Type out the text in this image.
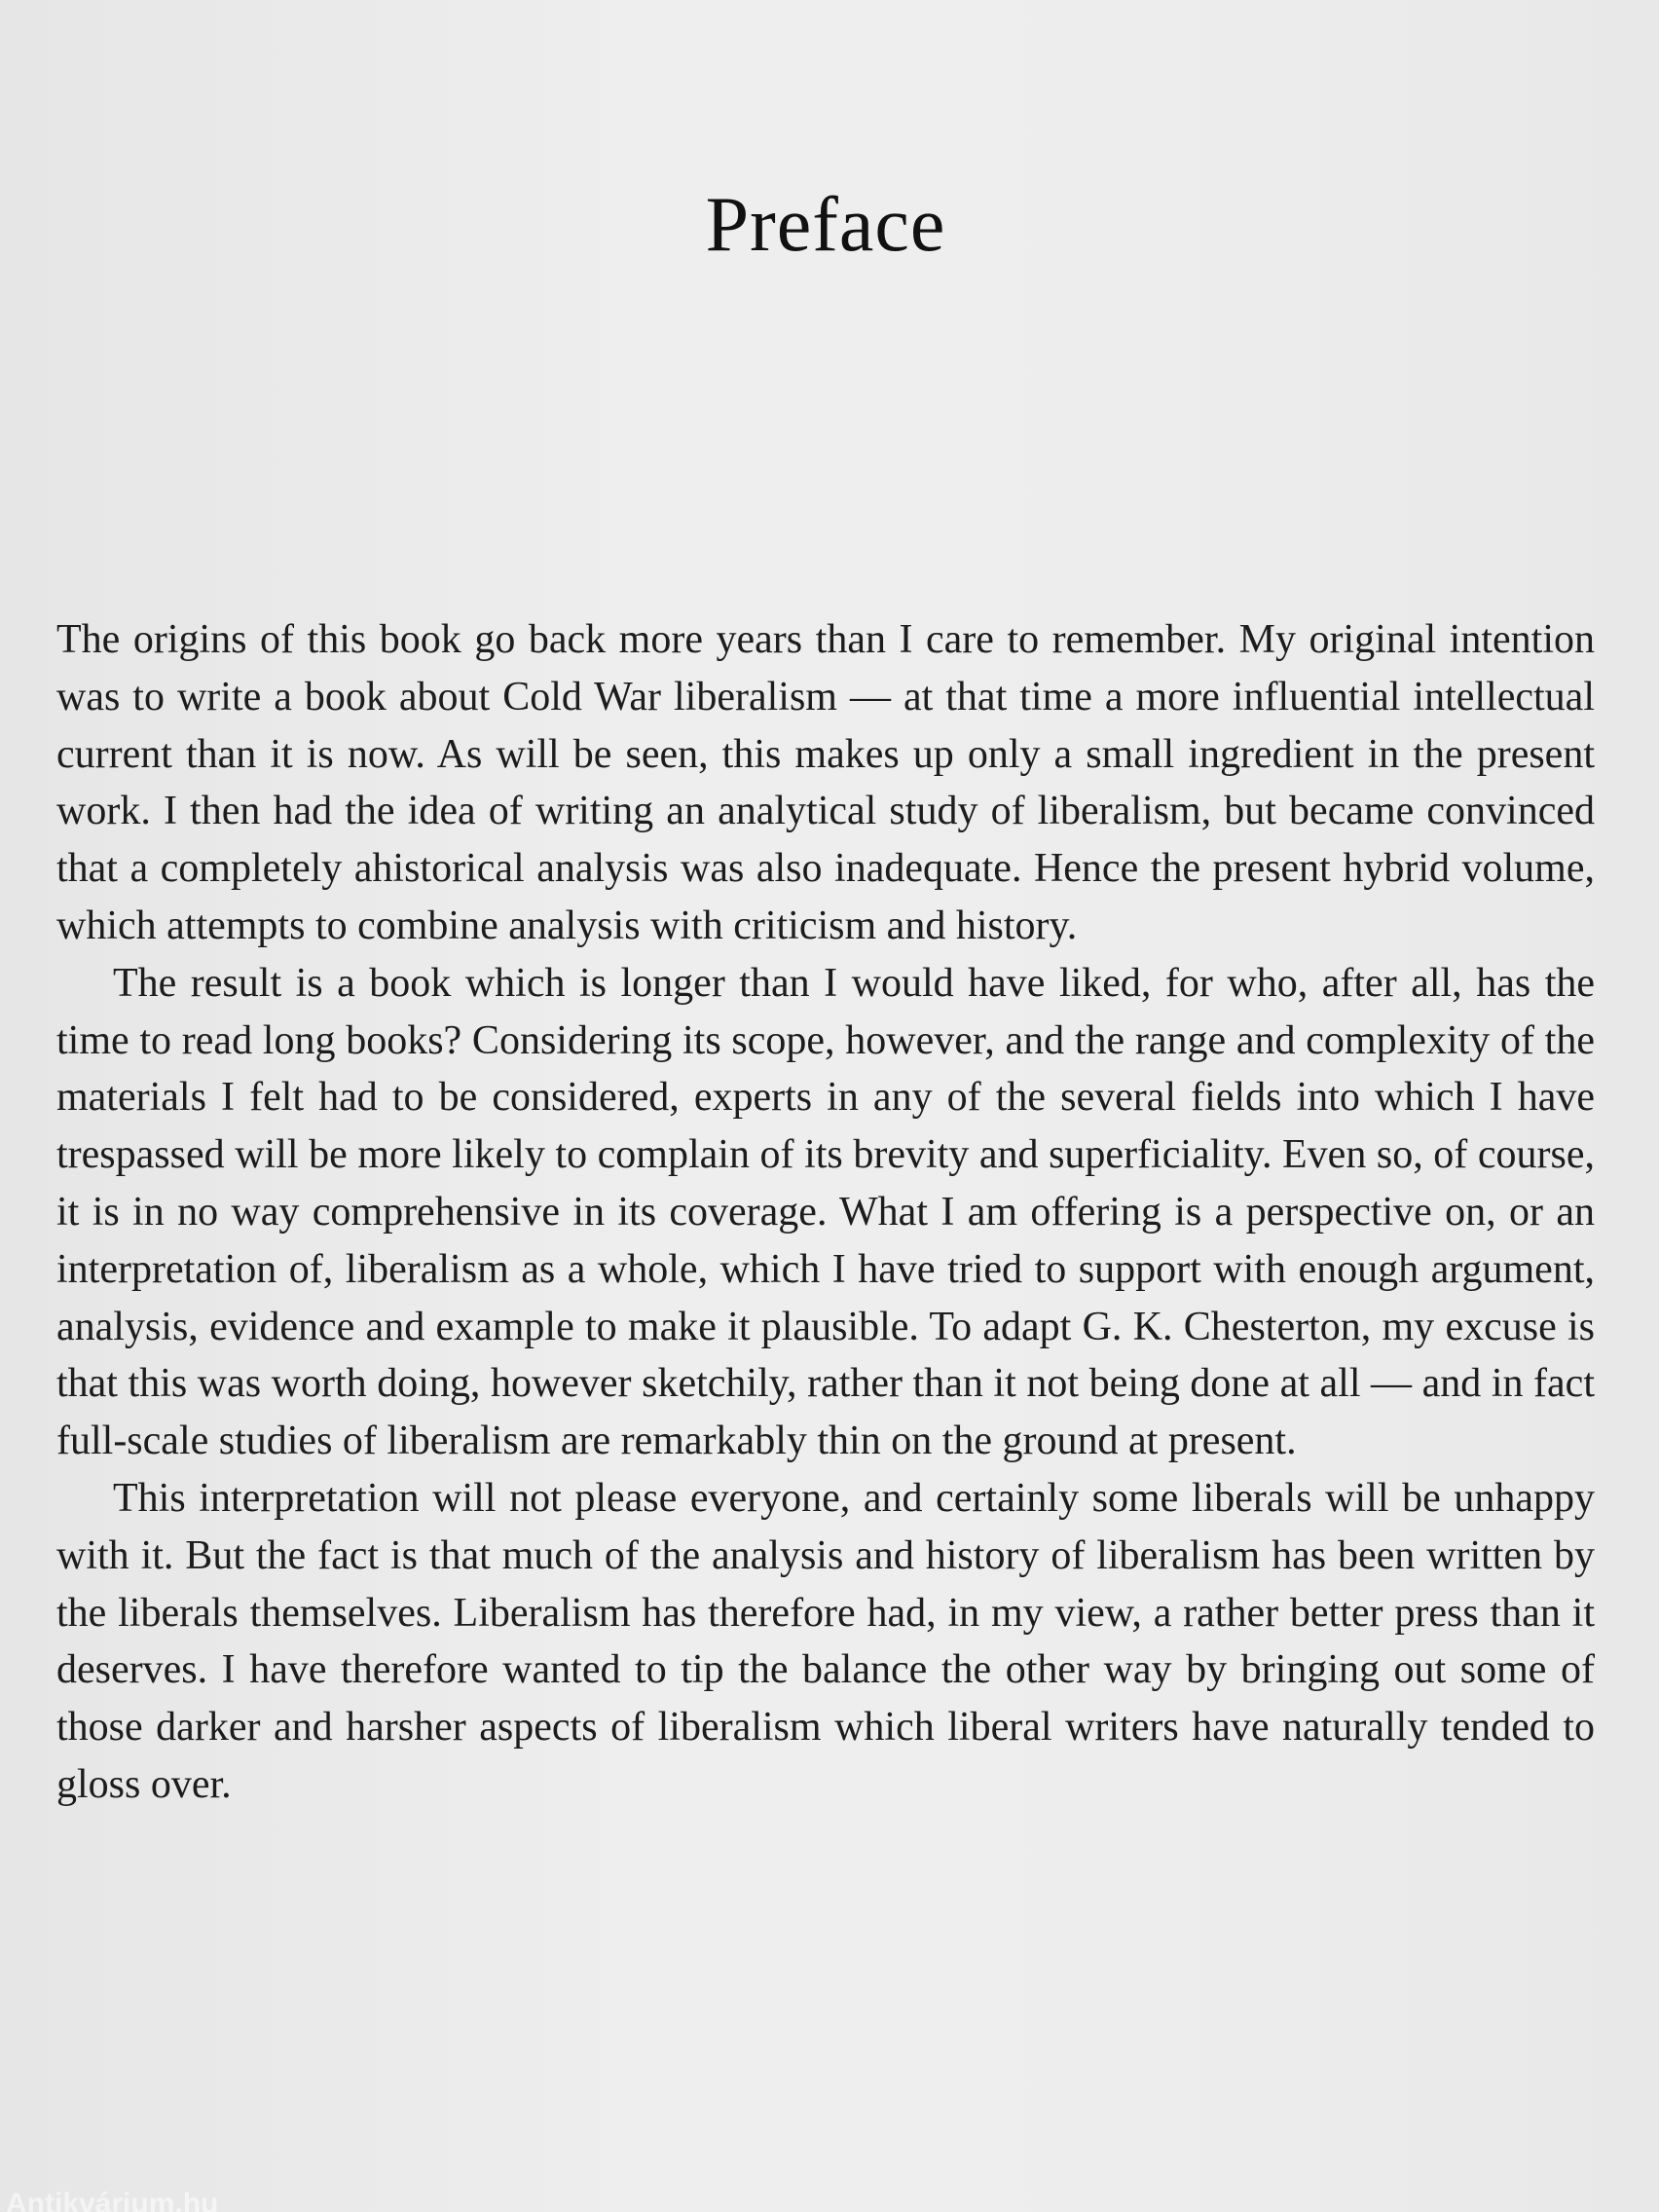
Preface

The origins of this book go back more years than I care to remember. My original intention was to write a book about Cold War liberalism — at that time a more influential intellectual current than it is now. As will be seen, this makes up only a small ingredient in the present work. I then had the idea of writing an analytical study of liberalism, but became convinced that a completely ahistorical analysis was also inadequate. Hence the present hybrid volume, which attempts to combine analysis with criticism and history.

The result is a book which is longer than I would have liked, for who, after all, has the time to read long books? Considering its scope, however, and the range and complexity of the materials I felt had to be considered, experts in any of the several fields into which I have trespassed will be more likely to complain of its brevity and superficiality. Even so, of course, it is in no way comprehensive in its coverage. What I am offering is a perspective on, or an interpretation of, liberalism as a whole, which I have tried to support with enough argument, analysis, evidence and example to make it plausible. To adapt G. K. Chesterton, my excuse is that this was worth doing, however sketchily, rather than it not being done at all — and in fact full-scale studies of liberalism are remarkably thin on the ground at present.

This interpretation will not please everyone, and certainly some liberals will be unhappy with it. But the fact is that much of the analysis and history of liberalism has been written by the liberals themselves. Liberalism has therefore had, in my view, a rather better press than it deserves. I have therefore wanted to tip the balance the other way by bringing out some of those darker and harsher aspects of liberalism which liberal writers have naturally tended to gloss over.

Antikvárium.hu
